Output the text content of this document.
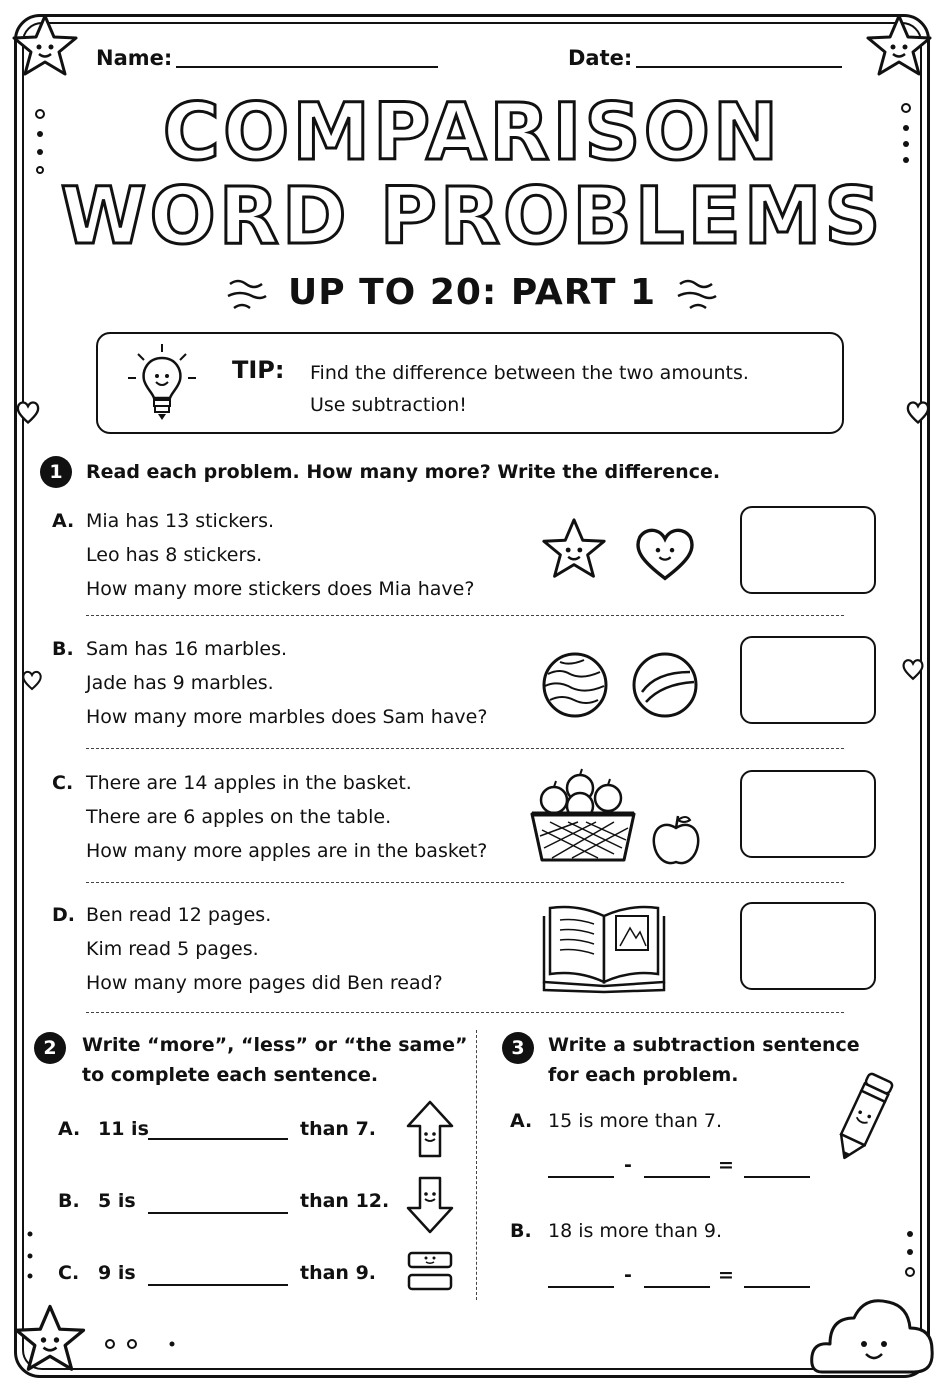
Name:	Date:
COMPARISON
WORD PROBLEMS
UP TO 20: PART 1
TIP: Find the difference between the two amounts.
Use subtraction!
1	Read each problem. How many more? Write the difference.
A. Mia has 13 stickers.
Leo has 8 stickers.
How many more stickers does Mia have?
B. Sam has 16 marbles.
Jade has 9 marbles.
How many more marbles does Sam have?
C. There are 14 apples in the basket.
There are 6 apples on the table.
How many more apples are in the basket?
D. Ben read 12 pages.
Kim read 5 pages.
How many more pages did Ben read?
2	Write “more”, “less” or “the same”
to complete each sentence.
A. 11 is	than 7.
B. 5 is	than 12.
C. 9 is	than 9.
3	Write a subtraction sentence
for each problem.
A. 15 is more than 7.
-	=
B. 18 is more than 9.
-	=
